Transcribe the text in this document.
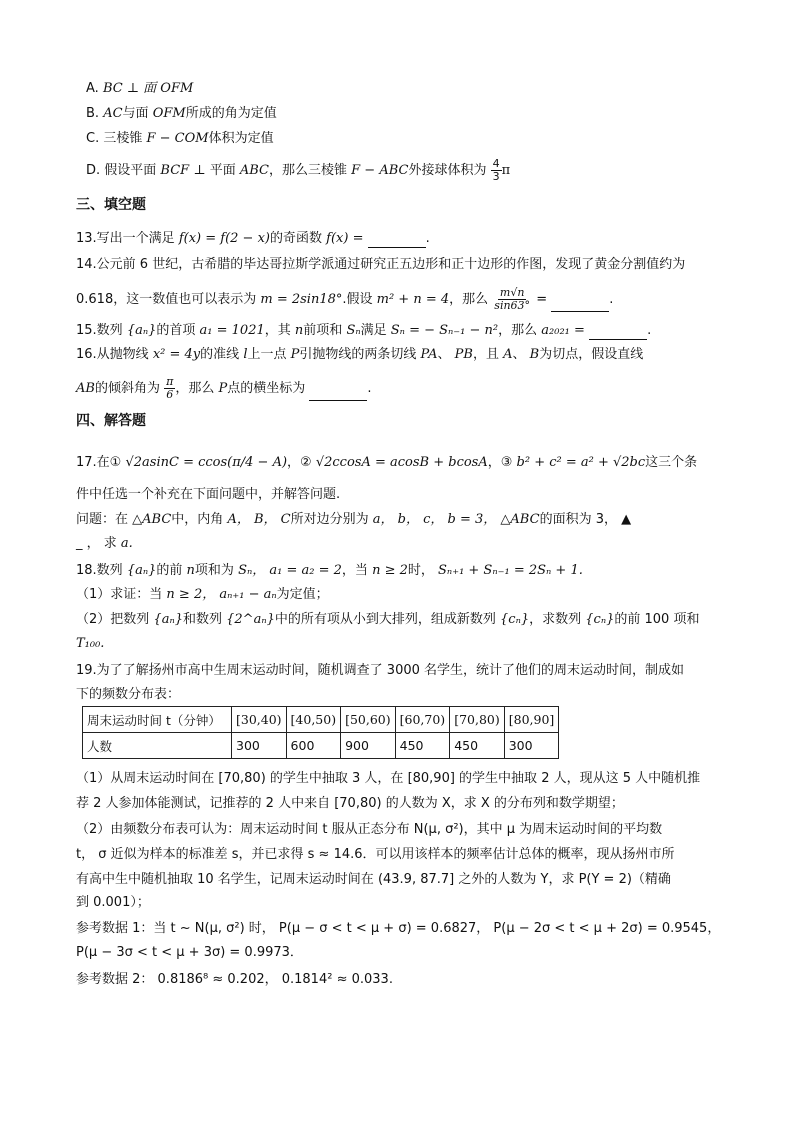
A. BC ⊥ 面 OFM
B. AC与面 OFM所成的角为定值
C. 三棱锥 F − COM体积为定值
D. 假设平面 BCF ⊥ 平面 ABC，那么三棱锥 F − ABC外接球体积为 $\frac{4}{3}$ π
三、填空题
13.写出一个满足 f(x) = f(2 − x)的奇函数 f(x) =	.
14.公元前 6 世纪，古希腊的毕达哥拉斯学派通过研究正五边形和正十边形的作图，发现了黄金分割值约为
0.618，这一数值也可以表示为 m = 2sin18°.假设 m² + n = 4，那么 $\frac{m√n}{\sin 63^\circ}$ =	.
15.数列 {aₙ}的首项 a₁ = 1021，其 n前项和 Sₙ满足 Sₙ = − Sₙ₋₁ − n²，那么 a₂₀₂₁ =	.
16.从抛物线 x² = 4y的准线 l上一点 P引抛物线的两条切线 PA、 PB，且 A、 B为切点，假设直线
AB的倾斜角为 $\frac{\pi}{6}$ ，那么 P点的横坐标为	.
四、解答题
17.在① √2asinC = ccos(π/4 − A)，② √2ccosA = acosB + bcosA，③ b² + c² = a² + √2bc这三个条
件中任选一个补充在下面问题中，并解答问题.
问题：在 △ABC中，内角 A， B， C所对边分别为 a， b， c， b = 3， △ABC的面积为 3， ▲
_ ， 求 a.
18.数列 {aₙ}的前 n项和为 Sₙ， a₁ = a₂ = 2，当 n ≥ 2时， Sₙ₊₁ + Sₙ₋₁ = 2Sₙ + 1.
（1）求证：当 n ≥ 2， aₙ₊₁ − aₙ为定值；
（2）把数列 {aₙ}和数列 {2^aₙ}中的所有项从小到大排列，组成新数列 {cₙ}，求数列 {cₙ}的前 100 项和
T₁₀₀.
19.为了了解扬州市高中生周末运动时间，随机调查了 3000 名学生，统计了他们的周末运动时间，制成如
下的频数分布表：
周末运动时间 t（分钟）	[30,40)	[40,50)	[50,60)	[60,70)	[70,80)	[80,90]
人数	300	600	900	450	450	300
（1）从周末运动时间在 [70,80) 的学生中抽取 3 人，在 [80,90] 的学生中抽取 2 人，现从这 5 人中随机推
荐 2 人参加体能测试，记推荐的 2 人中来自 [70,80) 的人数为 X，求 X 的分布列和数学期望；
（2）由频数分布表可认为：周末运动时间 t 服从正态分布 N(μ, σ²)，其中 μ 为周末运动时间的平均数
t， σ 近似为样本的标准差 s，并已求得 s ≈ 14.6．可以用该样本的频率估计总体的概率，现从扬州市所
有高中生中随机抽取 10 名学生，记周末运动时间在 (43.9, 87.7] 之外的人数为 Y，求 P(Y = 2)（精确
到 0.001）；
参考数据 1：当 t ~ N(μ, σ²) 时， P(μ − σ < t < μ + σ) = 0.6827， P(μ − 2σ < t < μ + 2σ) = 0.9545，
P(μ − 3σ < t < μ + 3σ) = 0.9973．
参考数据 2： 0.8186⁸ ≈ 0.202， 0.1814² ≈ 0.033.
